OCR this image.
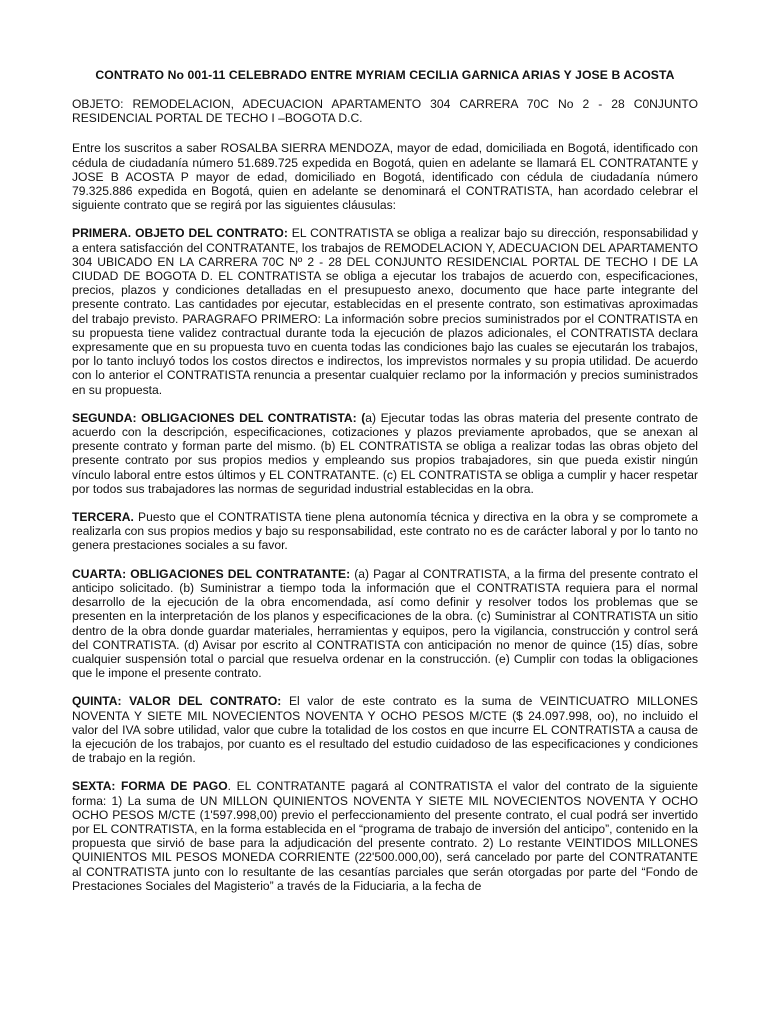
CONTRATO No 001-11 CELEBRADO ENTRE MYRIAM CECILIA GARNICA ARIAS Y JOSE B ACOSTA

OBJETO: REMODELACION, ADECUACION APARTAMENTO 304 CARRERA 70C No 2 - 28 C0NJUNTO RESIDENCIAL PORTAL DE TECHO I –BOGOTA D.C.

Entre los suscritos a saber ROSALBA SIERRA MENDOZA, mayor de edad, domiciliada en Bogotá, identificado con cédula de ciudadanía número 51.689.725 expedida en Bogotá, quien en adelante se llamará EL CONTRATANTE y JOSE B ACOSTA P mayor de edad, domiciliado en Bogotá, identificado con cédula de ciudadanía número 79.325.886 expedida en Bogotá, quien en adelante se denominará el CONTRATISTA, han acordado celebrar el siguiente contrato que se regirá por las siguientes cláusulas:

PRIMERA. OBJETO DEL CONTRATO: EL CONTRATISTA se obliga a realizar bajo su dirección, responsabilidad y a entera satisfacción del CONTRATANTE, los trabajos de REMODELACION Y, ADECUACION DEL APARTAMENTO 304 UBICADO EN LA CARRERA 70C Nº 2 - 28 DEL CONJUNTO RESIDENCIAL PORTAL DE TECHO I DE LA CIUDAD DE BOGOTA D. EL CONTRATISTA se obliga a ejecutar los trabajos de acuerdo con, especificaciones, precios, plazos y condiciones detalladas en el presupuesto anexo, documento que hace parte integrante del presente contrato. Las cantidades por ejecutar, establecidas en el presente contrato, son estimativas aproximadas del trabajo previsto. PARAGRAFO PRIMERO: La información sobre precios suministrados por el CONTRATISTA en su propuesta tiene validez contractual durante toda la ejecución de plazos adicionales, el CONTRATISTA declara expresamente que en su propuesta tuvo en cuenta todas las condiciones bajo las cuales se ejecutarán los trabajos, por lo tanto incluyó todos los costos directos e indirectos, los imprevistos normales y su propia utilidad. De acuerdo con lo anterior el CONTRATISTA renuncia a presentar cualquier reclamo por la información y precios suministrados en su propuesta.

SEGUNDA: OBLIGACIONES DEL CONTRATISTA: (a) Ejecutar todas las obras materia del presente contrato de acuerdo con la descripción, especificaciones, cotizaciones y plazos previamente aprobados, que se anexan al presente contrato y forman parte del mismo. (b) EL CONTRATISTA se obliga a realizar todas las obras objeto del presente contrato por sus propios medios y empleando sus propios trabajadores, sin que pueda existir ningún vínculo laboral entre estos últimos y EL CONTRATANTE. (c) EL CONTRATISTA se obliga a cumplir y hacer respetar por todos sus trabajadores las normas de seguridad industrial establecidas en la obra.

TERCERA. Puesto que el CONTRATISTA tiene plena autonomía técnica y directiva en la obra y se compromete a realizarla con sus propios medios y bajo su responsabilidad, este contrato no es de carácter laboral y por lo tanto no genera prestaciones sociales a su favor.

CUARTA: OBLIGACIONES DEL CONTRATANTE: (a) Pagar al CONTRATISTA, a la firma del presente contrato el anticipo solicitado. (b) Suministrar a tiempo toda la información que el CONTRATISTA requiera para el normal desarrollo de la ejecución de la obra encomendada, así como definir y resolver todos los problemas que se presenten en la interpretación de los planos y especificaciones de la obra. (c) Suministrar al CONTRATISTA un sitio dentro de la obra donde guardar materiales, herramientas y equipos, pero la vigilancia, construcción y control será del CONTRATISTA. (d) Avisar por escrito al CONTRATISTA con anticipación no menor de quince (15) días, sobre cualquier suspensión total o parcial que resuelva ordenar en la construcción. (e) Cumplir con todas la obligaciones que le impone el presente contrato.

QUINTA: VALOR DEL CONTRATO: El valor de este contrato es la suma de VEINTICUATRO MILLONES NOVENTA Y SIETE MIL NOVECIENTOS NOVENTA Y OCHO PESOS M/CTE ($ 24.097.998, oo), no incluido el valor del IVA sobre utilidad, valor que cubre la totalidad de los costos en que incurre EL CONTRATISTA a causa de la ejecución de los trabajos, por cuanto es el resultado del estudio cuidadoso de las especificaciones y condiciones de trabajo en la región.

SEXTA: FORMA DE PAGO. EL CONTRATANTE pagará al CONTRATISTA el valor del contrato de la siguiente forma: 1) La suma de UN MILLON QUINIENTOS NOVENTA Y SIETE MIL NOVECIENTOS NOVENTA Y OCHO OCHO PESOS M/CTE (1'597.998,00) previo el perfeccionamiento del presente contrato, el cual podrá ser invertido por EL CONTRATISTA, en la forma establecida en el “programa de trabajo de inversión del anticipo”, contenido en la propuesta que sirvió de base para la adjudicación del presente contrato. 2) Lo restante VEINTIDOS MILLONES QUINIENTOS MIL PESOS MONEDA CORRIENTE (22'500.000,00), será cancelado por parte del CONTRATANTE al CONTRATISTA junto con lo resultante de las cesantías parciales que serán otorgadas por parte del “Fondo de Prestaciones Sociales del Magisterio” a través de la Fiduciaria, a la fecha de
